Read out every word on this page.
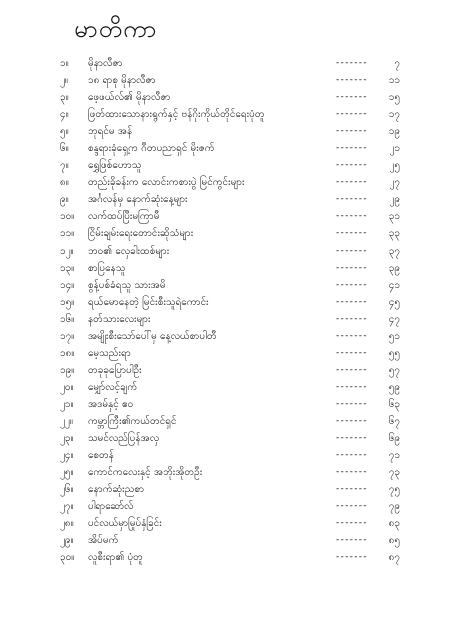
မာတိကာ
၁။	မိုနာလီဇာ	-------	၇
၂။	၁၈ ရာစု မိုနာလီဇာ	-------	၁၁
၃။	ဖေ့ဖယ်လ်၏ မိုနာလီဇာ	-------	၁၅
၄။	ဖြတ်ထားသောနားရွက်နှင့် ဗန်ဂိုးကိုယ်တိုင်ရေးပုံတူ	-------	၁၇
၅။	ဘုရင်မ အန်	-------	၁၉
၆။	စန္ဒရားခုံရှေ့က ဂီတပညာရှင် မိုးဇက်	-------	၂၁
၇။	ရွှေဖြစ်ဟောသူ	-------	၂၅
၈။	တည်းခိုခန်းက လောင်းကစားပွဲ မြင်ကွင်းများ	-------	၂၇
၉။	အင်္ဂလန်မှ နောက်ဆုံးနေ့များ	-------	၂၉
၁၀။	လက်ထပ်ပြီးမကြာမီ	-------	၃၁
၁၁။	ငြိမ်းချမ်းရေးတောင်းဆိုသံများ	-------	၃၃
၁၂။	ဘဝ၏ လှေခါးထစ်များ	-------	၃၇
၁၃။	စာပြနေသူ	-------	၃၉
၁၄။	စွန့်ပစ်ခံရသူ သားအမိ	-------	၄၁
၁၅။	ရယ်မောနေတဲ့ မြင်းစီးသူရဲကောင်း	-------	၄၅
၁၆။	နတ်သားလေးများ	-------	၄၇
၁၇။	အမျိုးစီးသော်ပေါ်မှ နေ့လယ်စာပါတီ	-------	၅၁
၁၈။	မေ့သည်းရာ	-------	၅၅
၁၉။	တခုခုပြောပါဦး	-------	၅၇
၂၀။	မျှော်လင့်ချက်	-------	၅၉
၂၁။	အဒမ်နှင့် ဧဝ	-------	၆၃
၂၂။	ကမ္ဘာကြီး၏ကယ်တင်ရှင်	-------	၆၇
၂၃။	သမင်လည်ပြန်အလှ	-------	၆၉
၂၄။	စေတန်	-------	၇၁
၂၅။	ကောင်ကလေးနှင့် အဘိုးအိုတဦး	-------	၇၃
၂၆။	နောက်ဆုံးညစာ	-------	၇၅
၂၇။	ပါရာဆော်လ်	-------	၇၉
၂၈။	ပင်လယ်မှာမြုပ်နှံခြင်း	-------	၈၃
၂၉။	အိပ်မက်	-------	၈၅
၃၀။	လူစီးရာ၏ ပုံတူ	-------	၈၇
